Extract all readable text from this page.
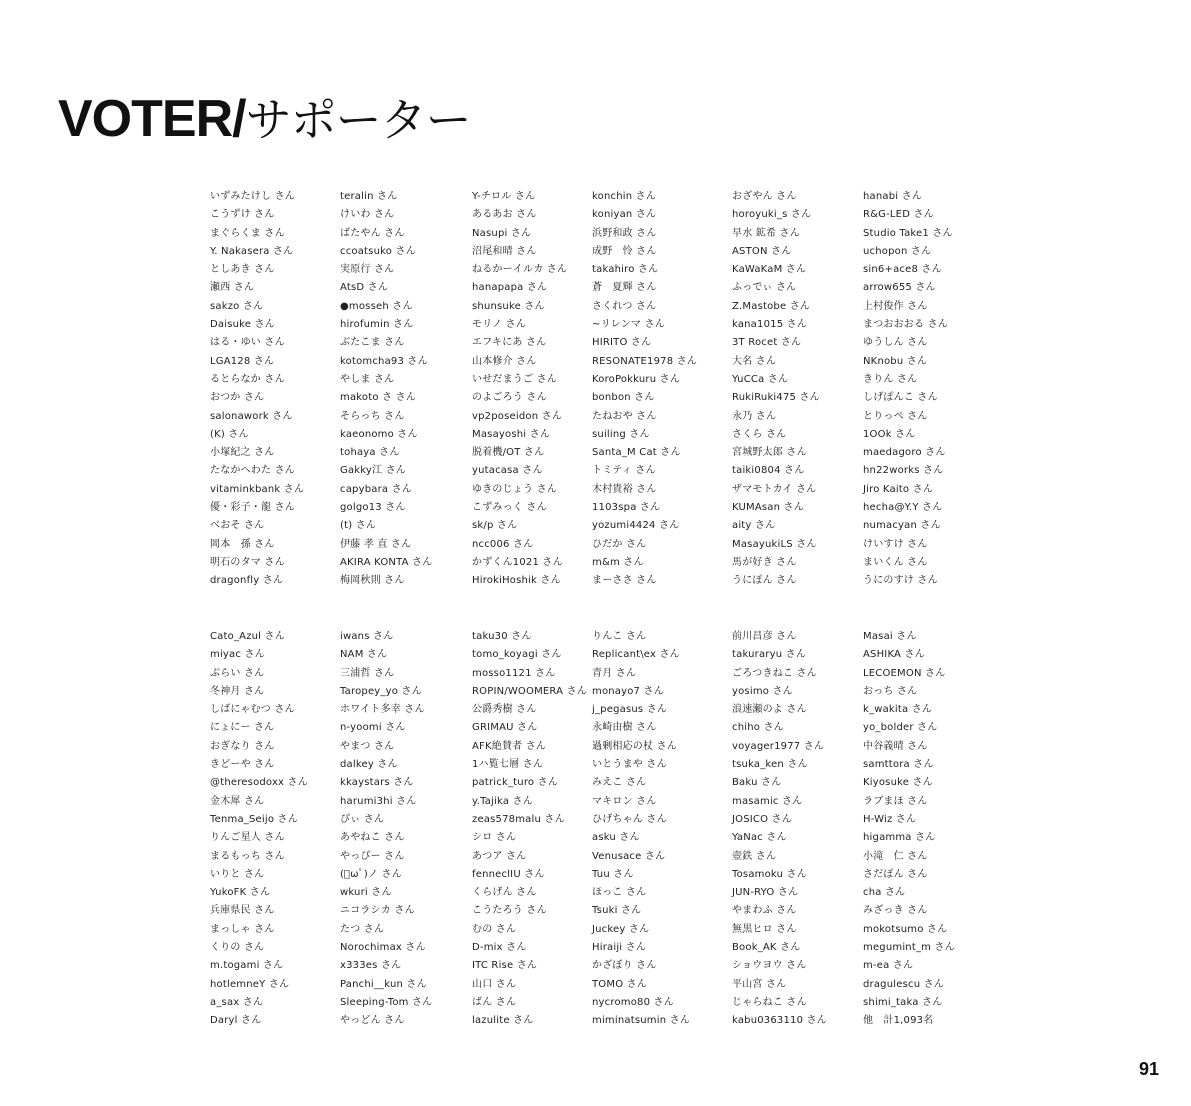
VOTER/サポーター
いずみたけし さん
こうずけ さん
まぐらくま さん
Y. Nakasera さん
としあき さん
瀬西 さん
sakzo さん
Daisuke さん
はる・ゆい さん
LGA128 さん
るとらなか さん
おつか さん
salonawork さん
(K) さん
小塚紀之 さん
たなかへわた さん
vitaminkbank さん
優・彩子・龍 さん
べおそ さん
岡本　孫 さん
明石のタマ さん
dragonfly さん
teralin さん
けいわ さん
ばたやん さん
ccoatsuko さん
実原行 さん
AtsD さん
●mosseh さん
hirofumin さん
ぶたこま さん
kotomcha93 さん
やしま さん
makoto さ さん
そらっち さん
kaeonomo さん
tohaya さん
Gakky江 さん
capybara さん
golgo13 さん
(t) さん
伊藤 孝 直 さん
AKIRA KONTA さん
梅岡秋則 さん
Y-チロル さん
あるあお さん
Nasupi さん
沼尾和晴 さん
ねるかーイルカ さん
hanapapa さん
shunsuke さん
モリノ さん
エフキにあ さん
山本修介 さん
いせだまうご さん
のよごろう さん
vp2poseidon さん
Masayoshi さん
脱着機/OT さん
yutacasa さん
ゆきのじょう さん
こずみっく さん
sk/p さん
ncc006 さん
かずくん1021 さん
HirokiHoshik さん
konchin さん
koniyan さん
浜野和政 さん
成野　怜 さん
takahiro さん
蒼　夏輝 さん
さくれつ さん
~リレンマ さん
HIRITO さん
RESONATE1978 さん
KoroPokkuru さん
bonbon さん
たねおや さん
suiling さん
Santa_M Cat さん
トミティ さん
木村貴裕 さん
1103spa さん
yozumi4424 さん
ひだか さん
m&m さん
まーささ さん
おざやん さん
horoyuki_s さん
早水 鉱希 さん
ASTON さん
KaWaKaM さん
ふっでぃ さん
Z.Mastobe さん
kana1015 さん
3T Rocet さん
大名 さん
YuCCa さん
RukiRuki475 さん
永乃 さん
さくら さん
宮城野太郎 さん
taiki0804 さん
ザマモトカイ さん
KUMAsan さん
aity さん
MasayukiLS さん
馬が好き さん
うにぽん さん
hanabi さん
R&G-LED さん
Studio Take1 さん
uchopon さん
sin6+ace8 さん
arrow655 さん
上村俊作 さん
まつおおおる さん
ゆうしん さん
NKnobu さん
きりん さん
しげぽんこ さん
とりっぺ さん
1OOk さん
maedagoro さん
hn22works さん
Jiro Kaito さん
hecha@Y.Y さん
numacyan さん
けいすけ さん
まいくん さん
うにのすけ さん
Cato_Azul さん
miyac さん
ぶらい さん
冬神月 さん
しばにゃむつ さん
にょにー さん
おぎなり さん
きどーや さん
@theresodoxx さん
金木犀 さん
Tenma_Seijo さん
りんご星人 さん
まるもっち さん
いりと さん
YukoFK さん
兵庫県民 さん
まっしゃ さん
くりの さん
m.togami さん
hotlemneY さん
a_sax さん
Daryl さん
iwans さん
NAM さん
三浦哲 さん
Taropey_yo さん
ホワイト多幸 さん
n-yoomi さん
やまつ さん
dalkey さん
kkaystars さん
harumi3hi さん
ぴぃ さん
あやねこ さん
やっぴー さん
(ﾟωﾟ)ノ さん
wkuri さん
ニコラシカ さん
たつ さん
Norochimax さん
x333es さん
Panchi__kun さん
Sleeping-Tom さん
やっどん さん
taku30 さん
tomo_koyagi さん
mosso1121 さん
ROPIN/WOOMERA さん
公爵秀樹 さん
GRIMAU さん
AFK絶賛者 さん
1ハ覧七層 さん
patrick_turo さん
y.Tajika さん
zeas578malu さん
シロ さん
あつア さん
fenneclIU さん
くらげん さん
こうたろう さん
むの さん
D-mix さん
ITC Rise さん
山口 さん
ばん さん
lazulite さん
りんこ さん
Replicant\ex さん
青月 さん
monayo7 さん
j_pegasus さん
永崎由樹 さん
過剰相応の杖 さん
いとうまや さん
みえこ さん
マキロン さん
ひげちゃん さん
asku さん
Venusace さん
Tuu さん
ほっこ さん
Tsuki さん
Juckey さん
Hiraiji さん
かざぼり さん
TOMO さん
nycromo80 さん
miminatsumin さん
前川昌彦 さん
takuraryu さん
ごろつきねこ さん
yosimo さん
浪速瀬のよ さん
chiho さん
voyager1977 さん
tsuka_ken さん
Baku さん
masamic さん
JOSICO さん
YaNac さん
壺鉄 さん
Tosamoku さん
JUN-RYO さん
やまわふ さん
無黒ヒロ さん
Book_AK さん
ショウヨウ さん
平山宮 さん
じゃらねこ さん
kabu0363110 さん
Masai さん
ASHIKA さん
LECOEMON さん
おっち さん
k_wakita さん
yo_bolder さん
中谷義晴 さん
samttora さん
Kiyosuke さん
ラブまほ さん
H-Wiz さん
higamma さん
小滝　仁 さん
さだぽん さん
cha さん
みざっき さん
mokotsumo さん
megumint_m さん
m-ea さん
dragulescu さん
shimi_taka さん
他　計1,093名
91
